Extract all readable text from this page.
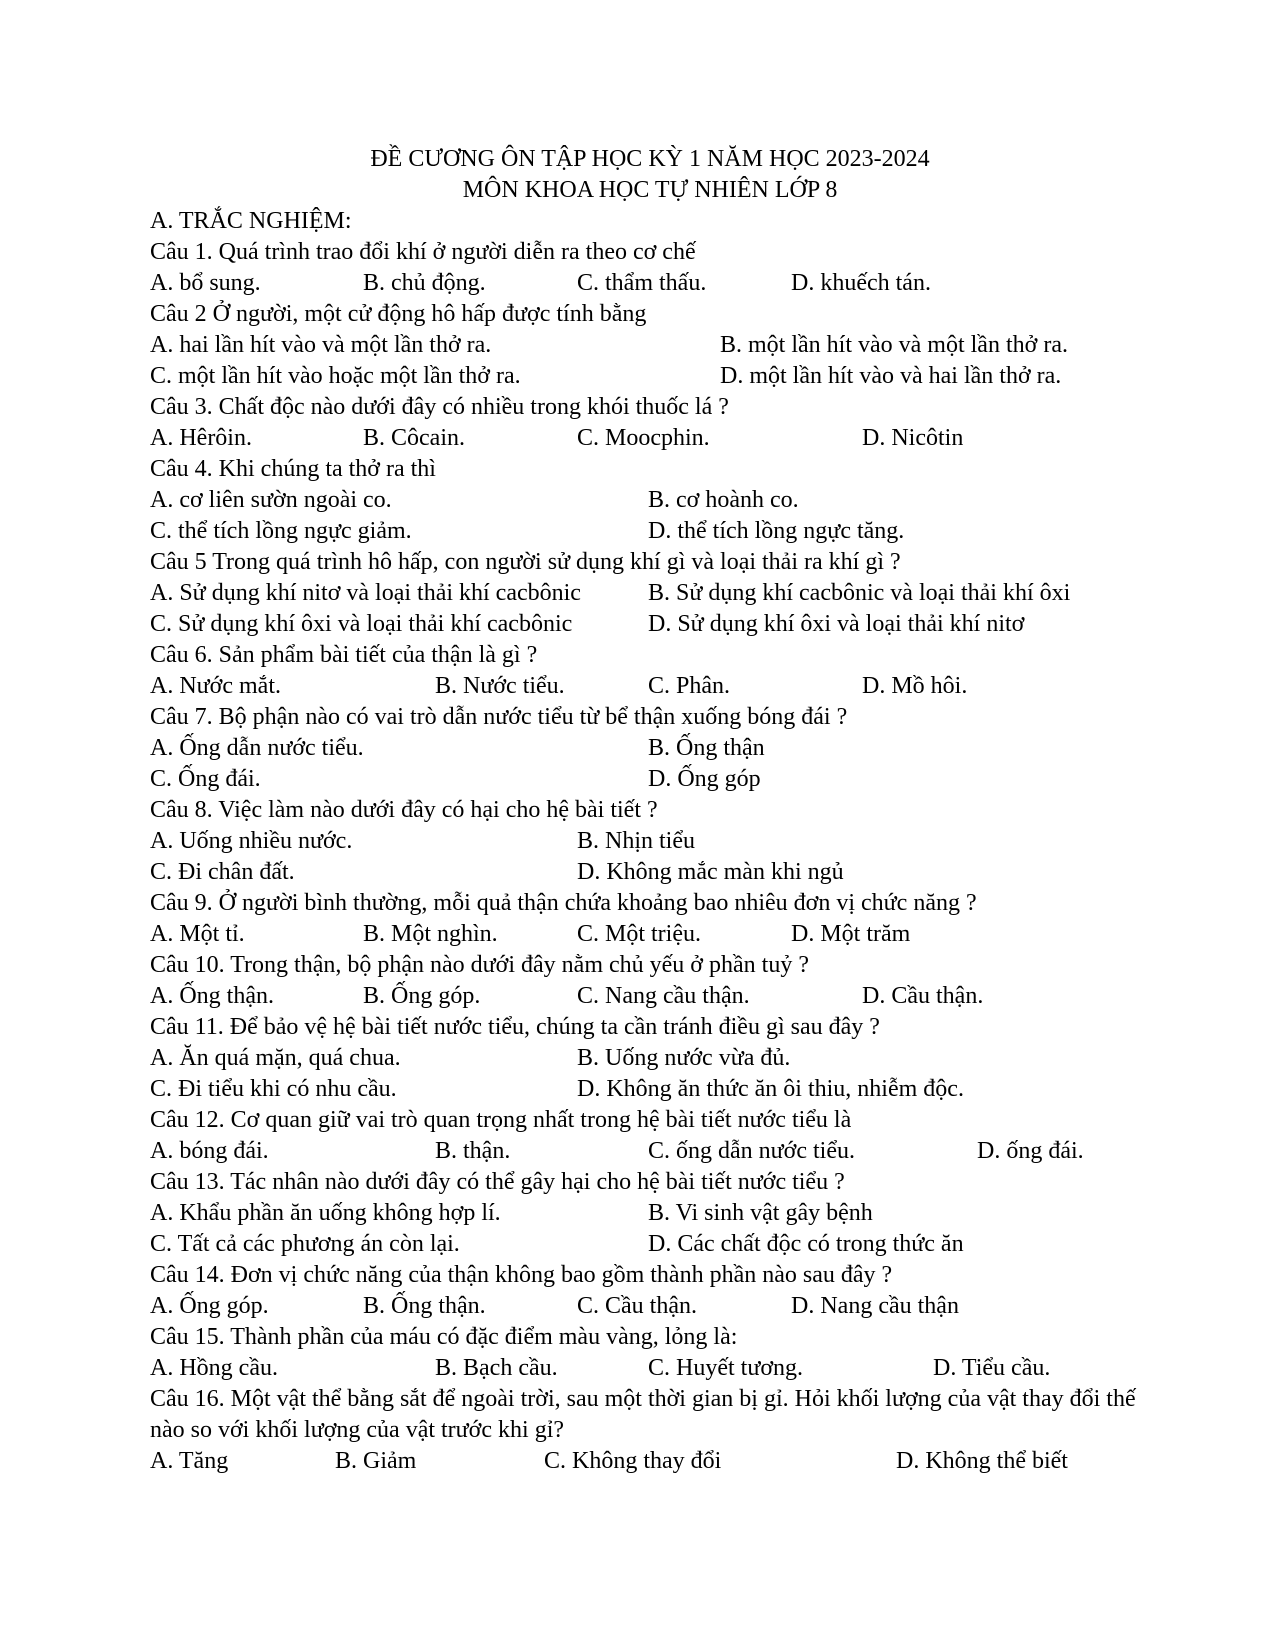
ĐỀ CƯƠNG ÔN TẬP HỌC KỲ 1 NĂM HỌC 2023-2024
MÔN KHOA HỌC TỰ NHIÊN LỚP 8
A. TRẮC NGHIỆM:
Câu 1. Quá trình trao đổi khí ở người diễn ra theo cơ chế
A. bổ sung.	B. chủ động.	C. thẩm thấu.	D. khuếch tán.
Câu 2 Ở người, một cử động hô hấp được tính bằng
A. hai lần hít vào và một lần thở ra.	B. một lần hít vào và một lần thở ra.
C. một lần hít vào hoặc một lần thở ra.	D. một lần hít vào và hai lần thở ra.
Câu 3. Chất độc nào dưới đây có nhiều trong khói thuốc lá ?
A. Hêrôin.	B. Côcain.	C. Moocphin.	D. Nicôtin
Câu 4. Khi chúng ta thở ra thì
A. cơ liên sườn ngoài co.	B. cơ hoành co.
C. thể tích lồng ngực giảm.	D. thể tích lồng ngực tăng.
Câu 5 Trong quá trình hô hấp, con người sử dụng khí gì và loại thải ra khí gì ?
A. Sử dụng khí nitơ và loại thải khí cacbônic	B. Sử dụng khí cacbônic và loại thải khí ôxi
C. Sử dụng khí ôxi và loại thải khí cacbônic	D. Sử dụng khí ôxi và loại thải khí nitơ
Câu 6. Sản phẩm bài tiết của thận là gì ?
A. Nước mắt.	B. Nước tiểu.	C. Phân.	D. Mồ hôi.
Câu 7. Bộ phận nào có vai trò dẫn nước tiểu từ bể thận xuống bóng đái ?
A. Ống dẫn nước tiểu.	B. Ống thận
C. Ống đái.	D. Ống góp
Câu 8. Việc làm nào dưới đây có hại cho hệ bài tiết ?
A. Uống nhiều nước.	B. Nhịn tiểu
C. Đi chân đất.	D. Không mắc màn khi ngủ
Câu 9. Ở người bình thường, mỗi quả thận chứa khoảng bao nhiêu đơn vị chức năng ?
A. Một tỉ.	B. Một nghìn.	C. Một triệu.	D. Một trăm
Câu 10. Trong thận, bộ phận nào dưới đây nằm chủ yếu ở phần tuỷ ?
A. Ống thận.	B. Ống góp.	C. Nang cầu thận.	D. Cầu thận.
Câu 11. Để bảo vệ hệ bài tiết nước tiểu, chúng ta cần tránh điều gì sau đây ?
A. Ăn quá mặn, quá chua.	B. Uống nước vừa đủ.
C. Đi tiểu khi có nhu cầu.	D. Không ăn thức ăn ôi thiu, nhiễm độc.
Câu 12. Cơ quan giữ vai trò quan trọng nhất trong hệ bài tiết nước tiểu là
A. bóng đái.	B. thận.	C. ống dẫn nước tiểu.	D. ống đái.
Câu 13. Tác nhân nào dưới đây có thể gây hại cho hệ bài tiết nước tiểu ?
A. Khẩu phần ăn uống không hợp lí.	B. Vi sinh vật gây bệnh
C. Tất cả các phương án còn lại.	D. Các chất độc có trong thức ăn
Câu 14. Đơn vị chức năng của thận không bao gồm thành phần nào sau đây ?
A. Ống góp.	B. Ống thận.	C. Cầu thận.	D. Nang cầu thận
Câu 15. Thành phần của máu có đặc điểm màu vàng, lỏng là:
A. Hồng cầu.	B. Bạch cầu.	C. Huyết tương.	D. Tiểu cầu.
Câu 16. Một vật thể bằng sắt để ngoài trời, sau một thời gian bị gỉ. Hỏi khối lượng của vật thay đổi thế nào so với khối lượng của vật trước khi gỉ?
A. Tăng	B. Giảm	C. Không thay đổi	D. Không thể biết
